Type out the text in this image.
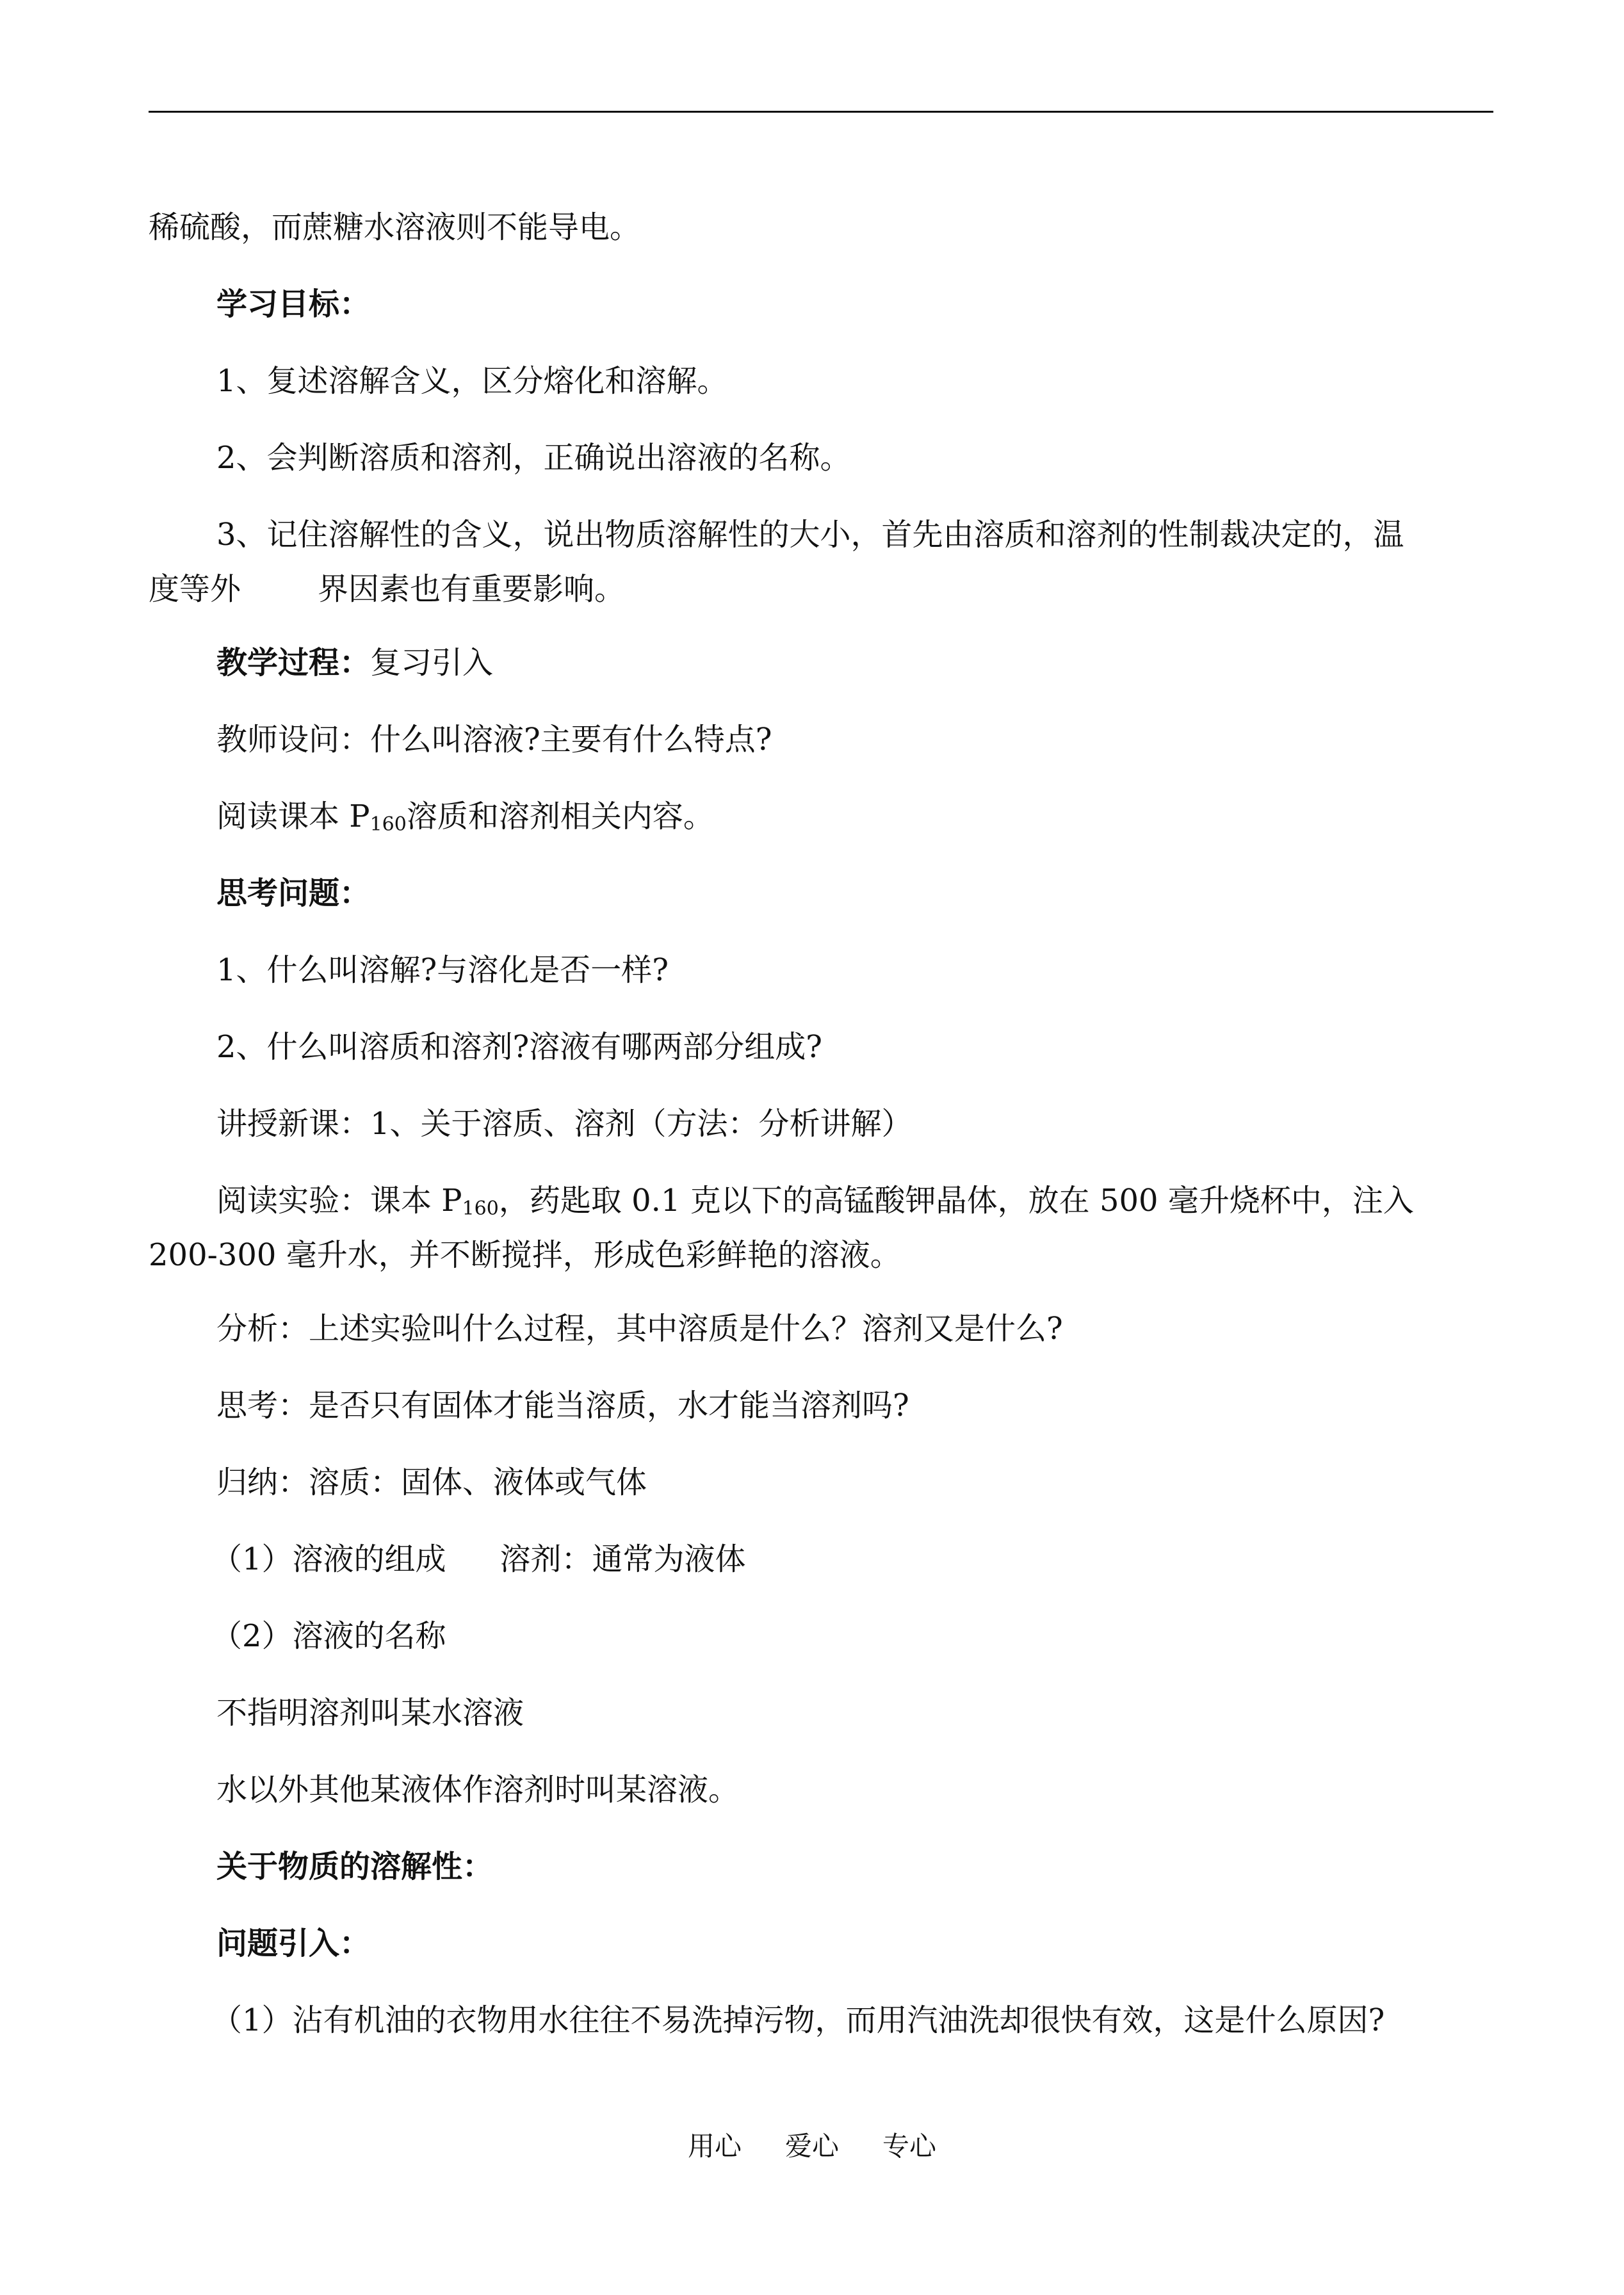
稀硫酸，而蔗糖水溶液则不能导电。
学习目标：
1、复述溶解含义，区分熔化和溶解。
2、会判断溶质和溶剂，正确说出溶液的名称。
3、记住溶解性的含义，说出物质溶解性的大小，首先由溶质和溶剂的性制裁决定的，温
度等外	界因素也有重要影响。
教学过程：复习引入
教师设问：什么叫溶液?主要有什么特点?
阅读课本 $P_{160}$溶质和溶剂相关内容。
思考问题：
1、什么叫溶解?与溶化是否一样?
2、什么叫溶质和溶剂?溶液有哪两部分组成?
讲授新课：1、关于溶质、溶剂（方法：分析讲解）
阅读实验：课本 $P_{160}$，药匙取 0.1 克以下的高锰酸钾晶体，放在 500 毫升烧杯中，注入
200-300 毫升水，并不断搅拌，形成色彩鲜艳的溶液。
分析：上述实验叫什么过程，其中溶质是什么？溶剂又是什么?
思考：是否只有固体才能当溶质，水才能当溶剂吗?
归纳：溶质：固体、液体或气体
（1）溶液的组成 溶剂：通常为液体
（2）溶液的名称
不指明溶剂叫某水溶液
水以外其他某液体作溶剂时叫某溶液。
关于物质的溶解性：
问题引入：
（1）沾有机油的衣物用水往往不易洗掉污物，而用汽油洗却很快有效，这是什么原因?
用心 爱心 专心
